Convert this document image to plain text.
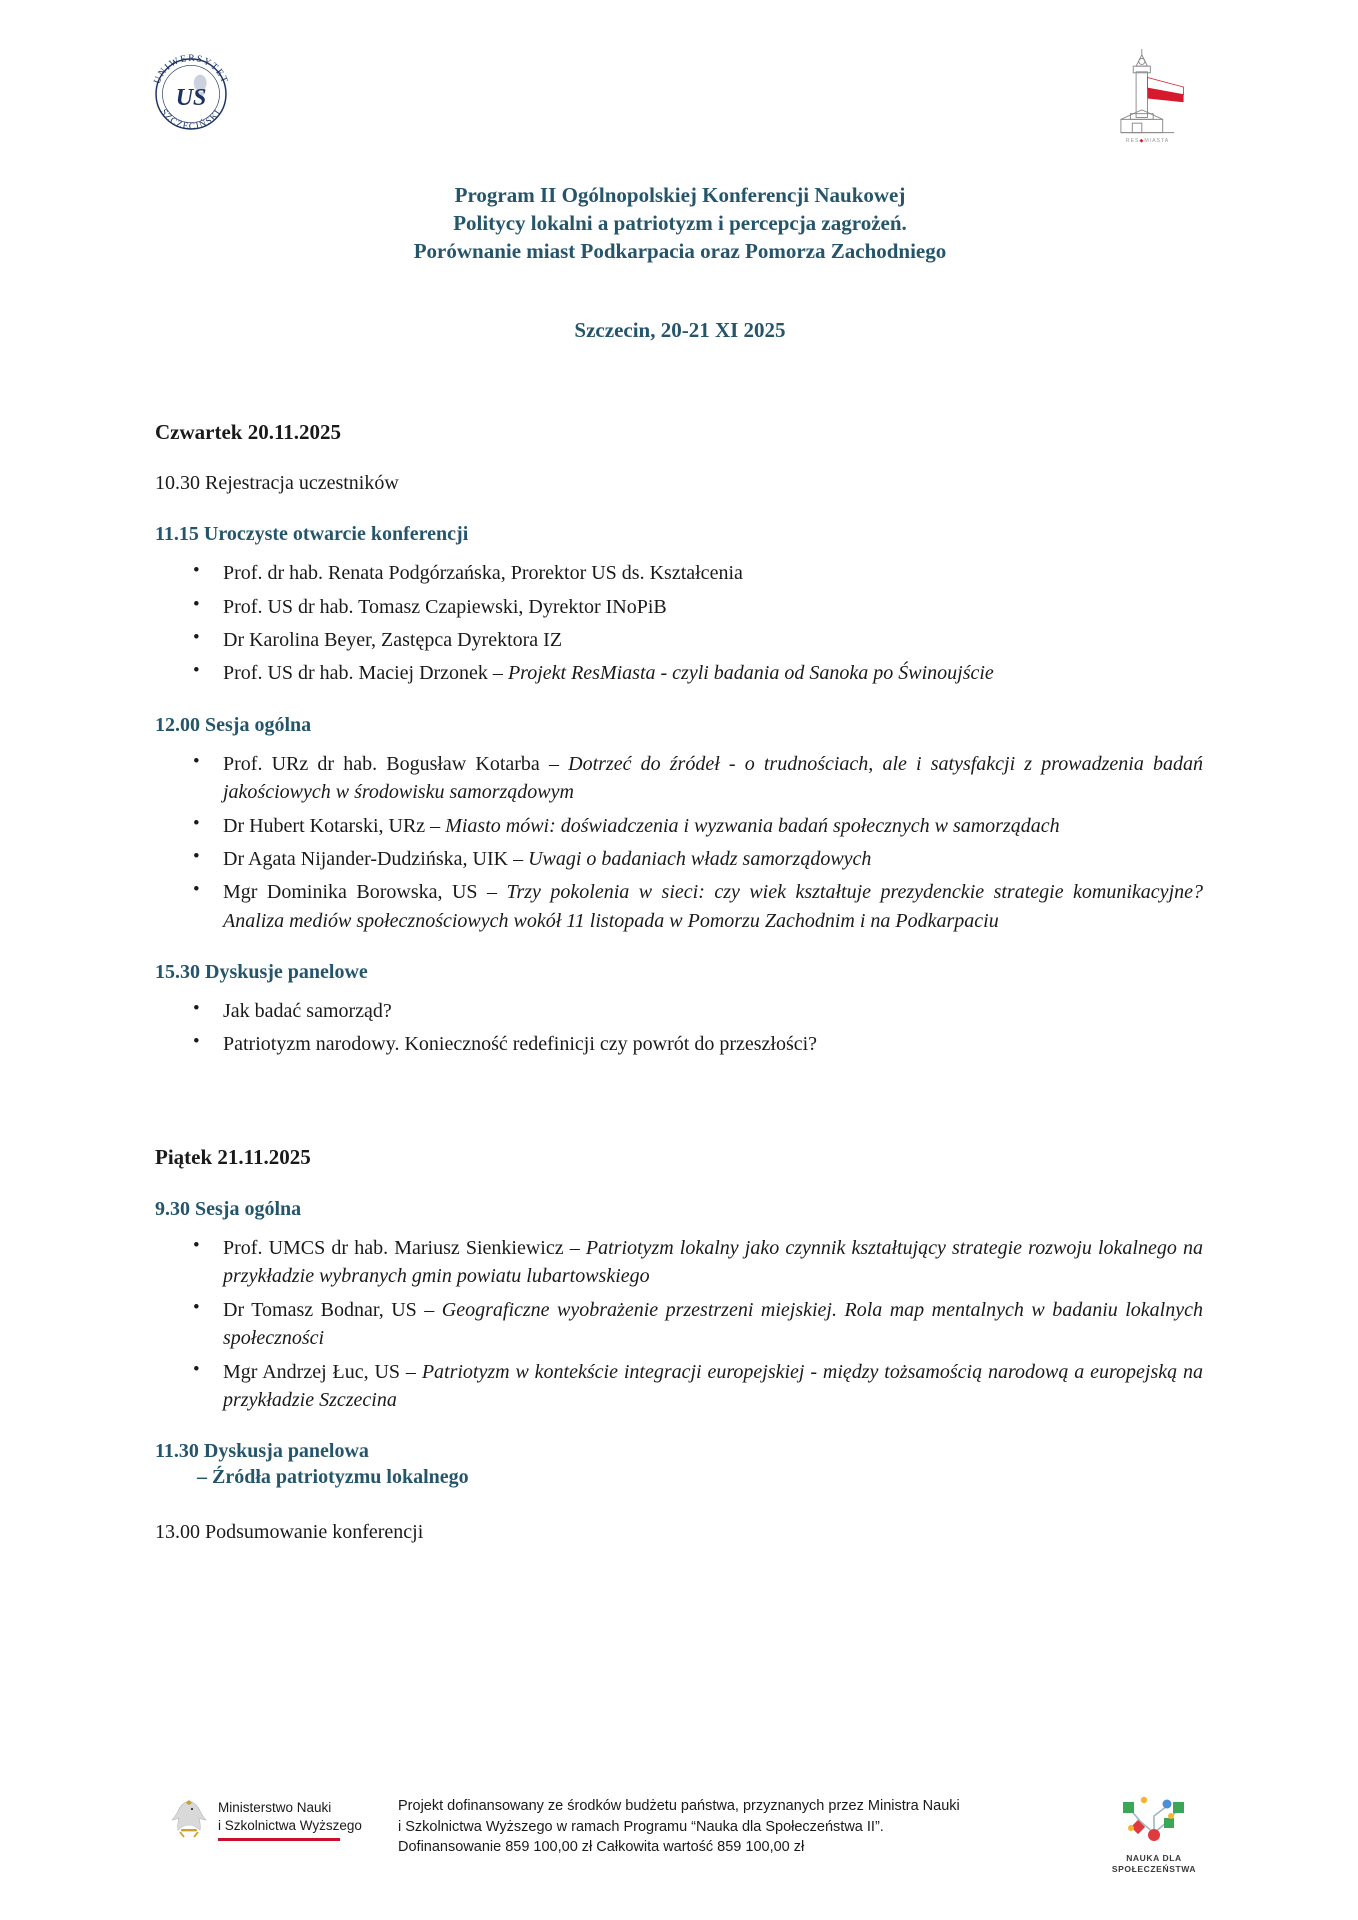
UNIWERSYTET
SZCZECIŃSKI
US
RES◆MIASTA
Program II Ogólnopolskiej Konferencji Naukowej
Politycy lokalni a patriotyzm i percepcja zagrożeń.
Porównanie miast Podkarpacia oraz Pomorza Zachodniego
Szczecin, 20-21 XI 2025
Czwartek 20.11.2025
10.30 Rejestracja uczestników
11.15 Uroczyste otwarcie konferencji
• Prof. dr hab. Renata Podgórzańska, Prorektor US ds. Kształcenia
• Prof. US dr hab. Tomasz Czapiewski, Dyrektor INoPiB
• Dr Karolina Beyer, Zastępca Dyrektora IZ
• Prof. US dr hab. Maciej Drzonek – Projekt ResMiasta - czyli badania od Sanoka po Świnoujście
12.00 Sesja ogólna
• Prof. URz dr hab. Bogusław Kotarba – Dotrzeć do źródeł - o trudnościach, ale i satysfakcji z prowadzenia badań jakościowych w środowisku samorządowym
• Dr Hubert Kotarski, URz – Miasto mówi: doświadczenia i wyzwania badań społecznych w samorządach
• Dr Agata Nijander-Dudzińska, UIK – Uwagi o badaniach władz samorządowych
• Mgr Dominika Borowska, US – Trzy pokolenia w sieci: czy wiek kształtuje prezydenckie strategie komunikacyjne? Analiza mediów społecznościowych wokół 11 listopada w Pomorzu Zachodnim i na Podkarpaciu
15.30 Dyskusje panelowe
• Jak badać samorząd?
• Patriotyzm narodowy. Konieczność redefinicji czy powrót do przeszłości?
Piątek 21.11.2025
9.30 Sesja ogólna
• Prof. UMCS dr hab. Mariusz Sienkiewicz – Patriotyzm lokalny jako czynnik kształtujący strategie rozwoju lokalnego na przykładzie wybranych gmin powiatu lubartowskiego
• Dr Tomasz Bodnar, US – Geograficzne wyobrażenie przestrzeni miejskiej. Rola map mentalnych w badaniu lokalnych społeczności
• Mgr Andrzej Łuc, US – Patriotyzm w kontekście integracji europejskiej - między tożsamością narodową a europejską na przykładzie Szczecina
11.30 Dyskusja panelowa
– Źródła patriotyzmu lokalnego
13.00 Podsumowanie konferencji
Ministerstwo Nauki
i Szkolnictwa Wyższego
Projekt dofinansowany ze środków budżetu państwa, przyznanych przez Ministra Nauki
i Szkolnictwa Wyższego w ramach Programu “Nauka dla Społeczeństwa II”.
Dofinansowanie 859 100,00 zł Całkowita wartość 859 100,00 zł
NAUKA DLA
SPOŁECZEŃSTWA
